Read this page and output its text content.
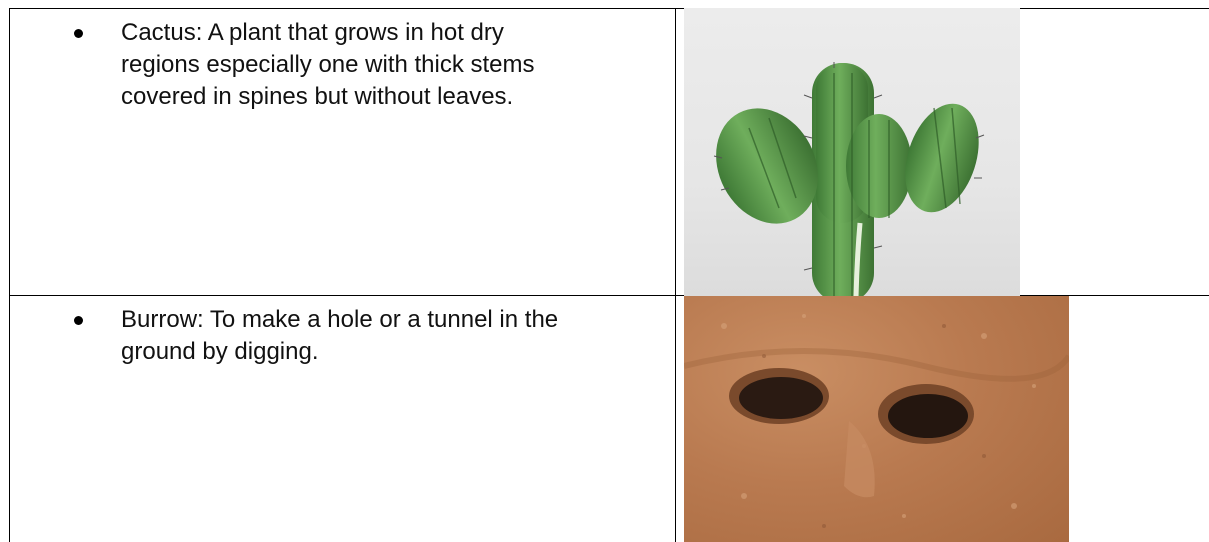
Cactus: A plant that grows in hot dry regions especially one with thick stems covered in spines but without leaves.

Burrow: To make a hole or a tunnel in the ground by digging.
